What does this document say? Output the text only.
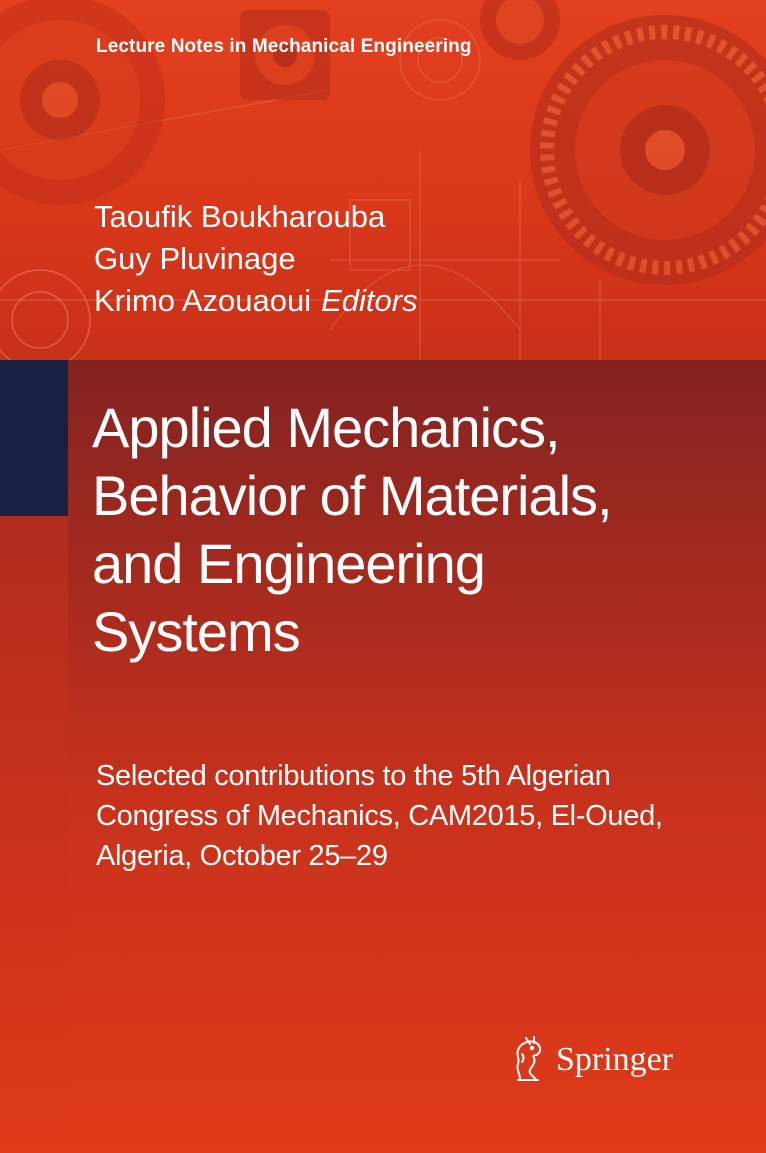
Lecture Notes in Mechanical Engineering

Taoufik Boukharouba
Guy Pluvinage
Krimo Azouaoui Editors
Applied Mechanics,
Behavior of Materials,
and Engineering
Systems

Selected contributions to the 5th Algerian
Congress of Mechanics, CAM2015, El-Oued,
Algeria, October 25–29

Springer
